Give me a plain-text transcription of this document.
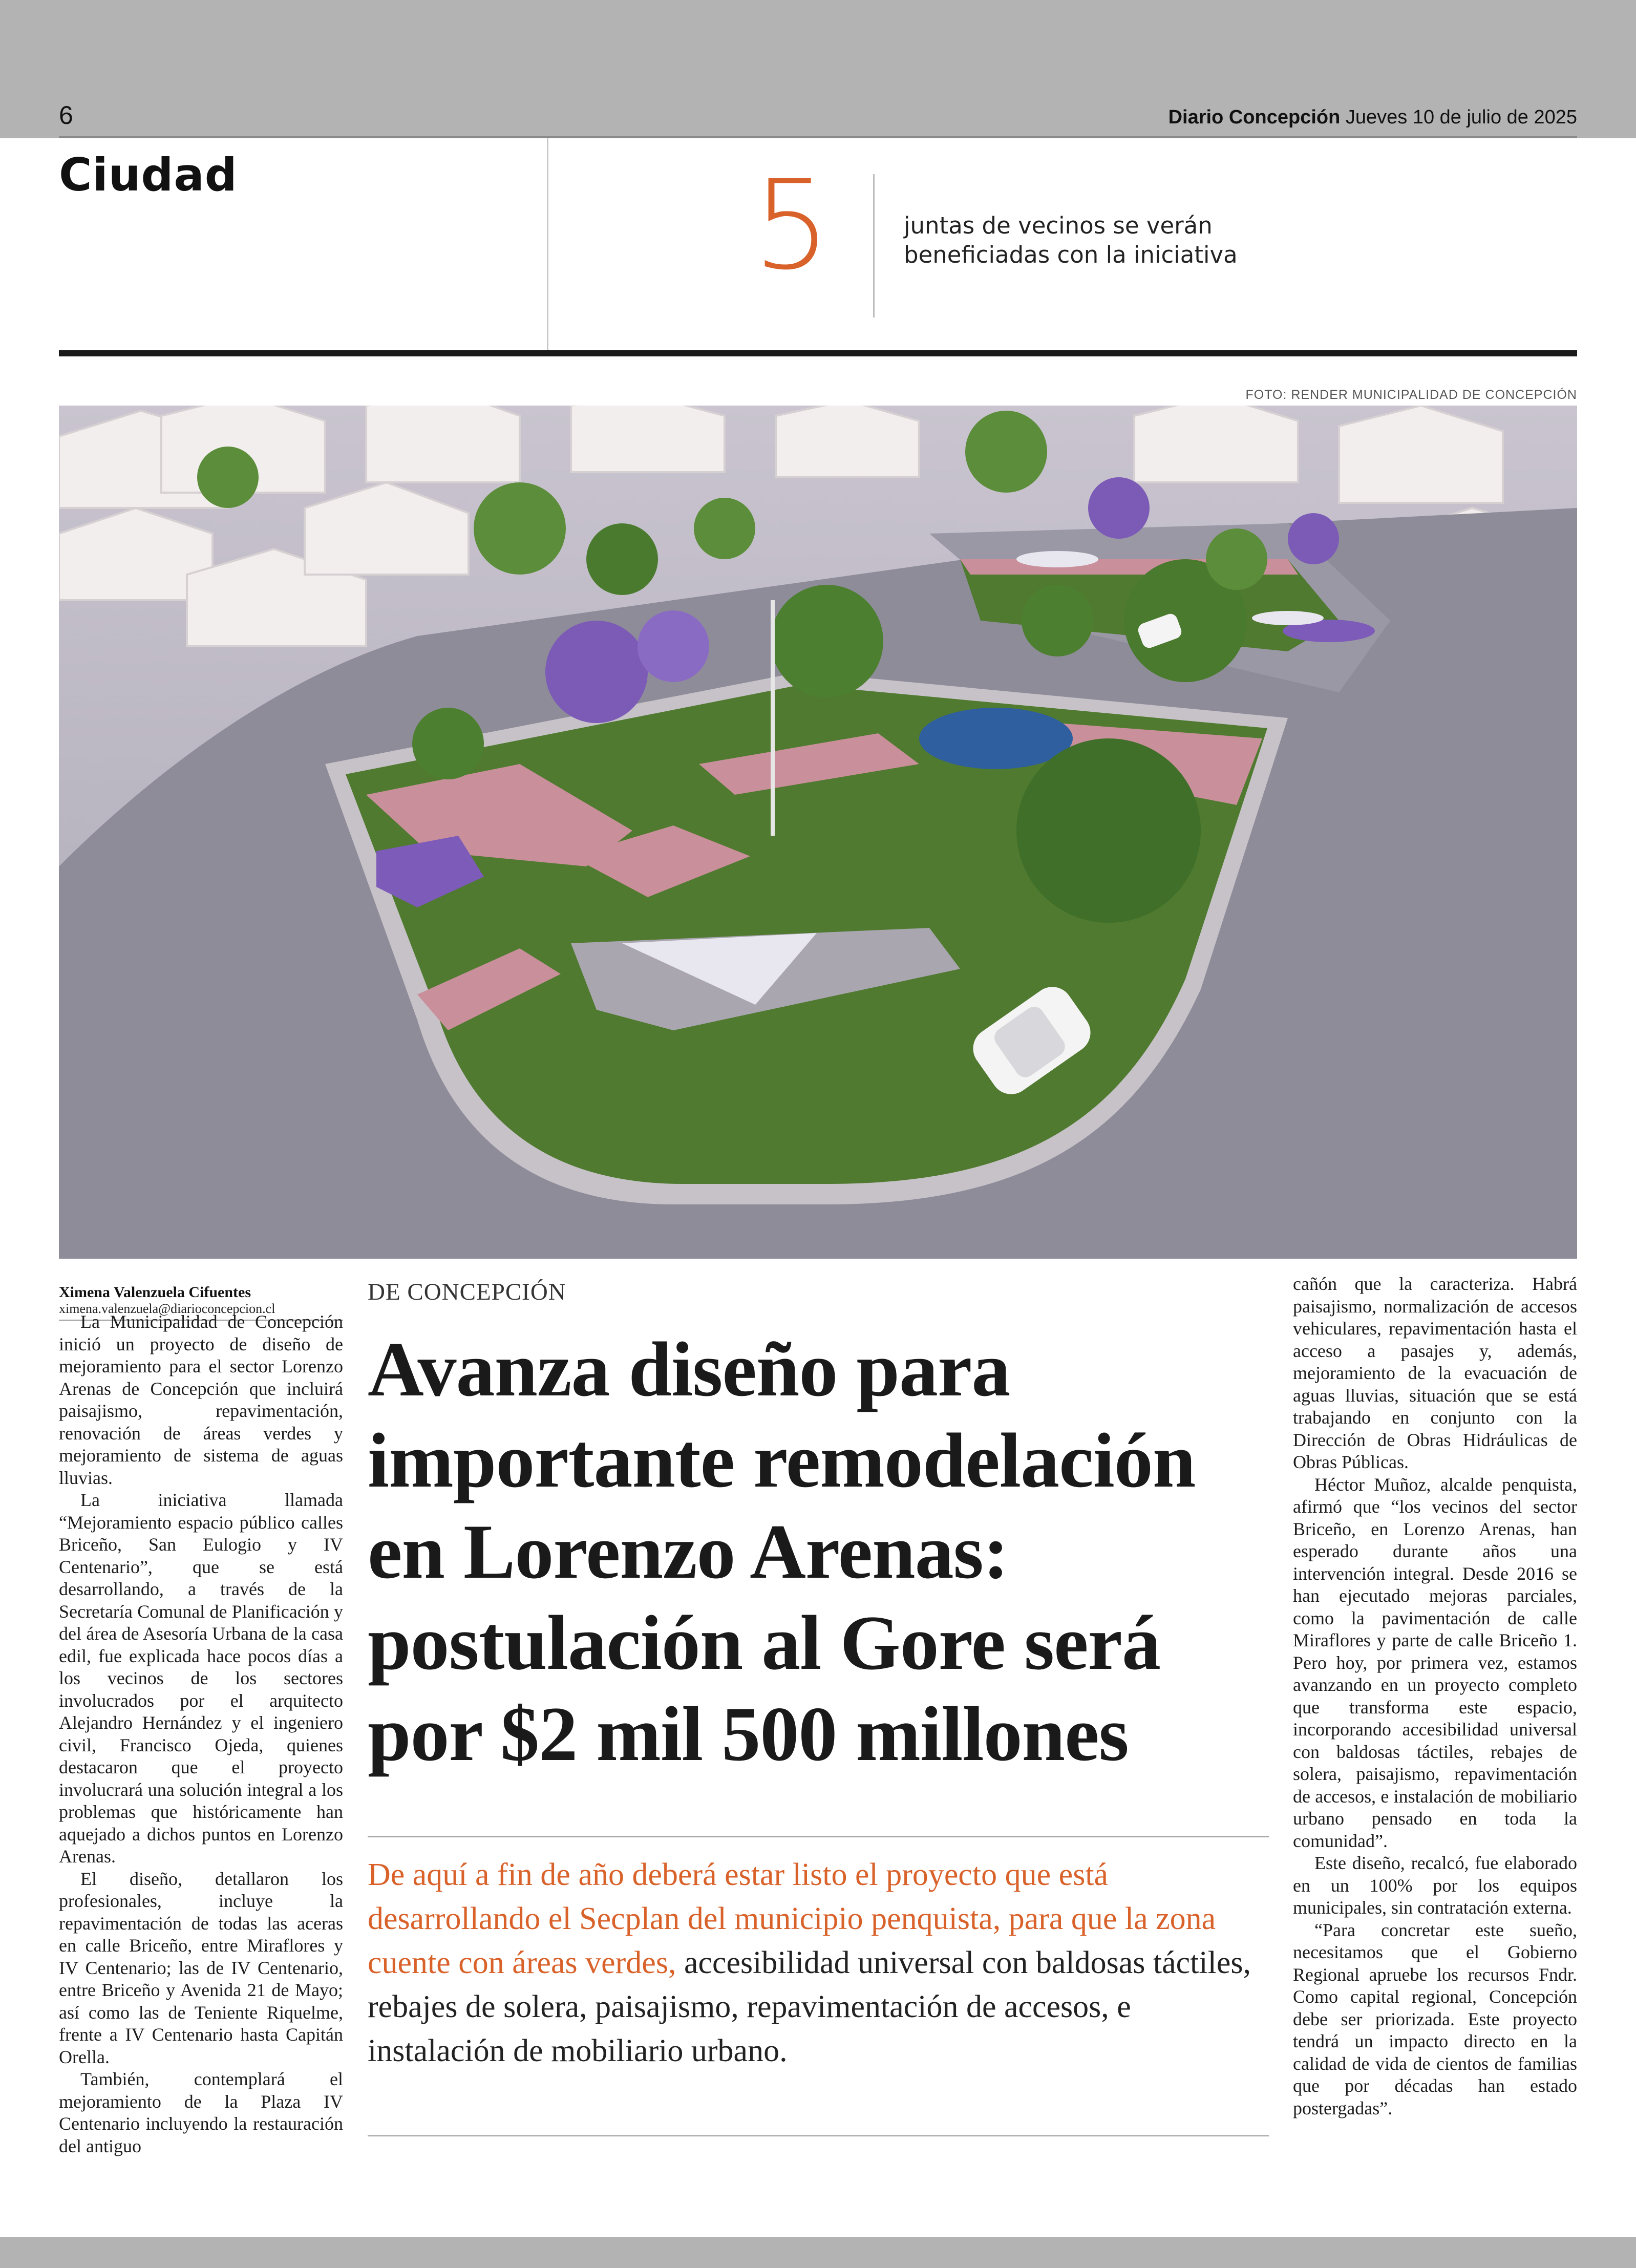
6	Diario Concepción Jueves 10 de julio de 2025
Ciudad	5	juntas de vecinos se verán beneficiadas con la iniciativa
FOTO: RENDER MUNICIPALIDAD DE CONCEPCIÓN
Ximena Valenzuela Cifuentes
ximena.valenzuela@diarioconcepcion.cl

La Municipalidad de Concepción inició un proyecto de diseño de mejoramiento para el sector Lorenzo Arenas de Concepción que incluirá paisajismo, repavimentación, renovación de áreas verdes y mejoramiento de sistema de aguas lluvias.

La iniciativa llamada “Mejoramiento espacio público calles Briceño, San Eulogio y IV Centenario”, que se está desarrollando, a través de la Secretaría Comunal de Planificación y del área de Asesoría Urbana de la casa edil, fue explicada hace pocos días a los vecinos de los sectores involucrados por el arquitecto Alejandro Hernández y el ingeniero civil, Francisco Ojeda, quienes destacaron que el proyecto involucrará una solución integral a los problemas que históricamente han aquejado a dichos puntos en Lorenzo Arenas.

El diseño, detallaron los profesionales, incluye la repavimentación de todas las aceras en calle Briceño, entre Miraflores y IV Centenario; las de IV Centenario, entre Briceño y Avenida 21 de Mayo; así como las de Teniente Riquelme, frente a IV Centenario hasta Capitán Orella.

También, contemplará el mejoramiento de la Plaza IV Centenario incluyendo la restauración del antiguo

DE CONCEPCIÓN
Avanza diseño para importante remodelación en Lorenzo Arenas: postulación al Gore será por $2 mil 500 millones
De aquí a fin de año deberá estar listo el proyecto que está desarrollando el Secplan del municipio penquista, para que la zona cuente con áreas verdes, accesibilidad universal con baldosas táctiles, rebajes de solera, paisajismo, repavimentación de accesos, e instalación de mobiliario urbano.

cañón que la caracteriza. Habrá paisajismo, normalización de accesos vehiculares, repavimentación hasta el acceso a pasajes y, además, mejoramiento de la evacuación de aguas lluvias, situación que se está trabajando en conjunto con la Dirección de Obras Hidráulicas de Obras Públicas.

Héctor Muñoz, alcalde penquista, afirmó que “los vecinos del sector Briceño, en Lorenzo Arenas, han esperado durante años una intervención integral. Desde 2016 se han ejecutado mejoras parciales, como la pavimentación de calle Miraflores y parte de calle Briceño 1. Pero hoy, por primera vez, estamos avanzando en un proyecto completo que transforma este espacio, incorporando accesibilidad universal con baldosas táctiles, rebajes de solera, paisajismo, repavimentación de accesos, e instalación de mobiliario urbano pensado en toda la comunidad”.

Este diseño, recalcó, fue elaborado en un 100% por los equipos municipales, sin contratación externa.

“Para concretar este sueño, necesitamos que el Gobierno Regional apruebe los recursos Fndr. Como capital regional, Concepción debe ser priorizada. Este proyecto tendrá un impacto directo en la calidad de vida de cientos de familias que por décadas han estado postergadas”.
